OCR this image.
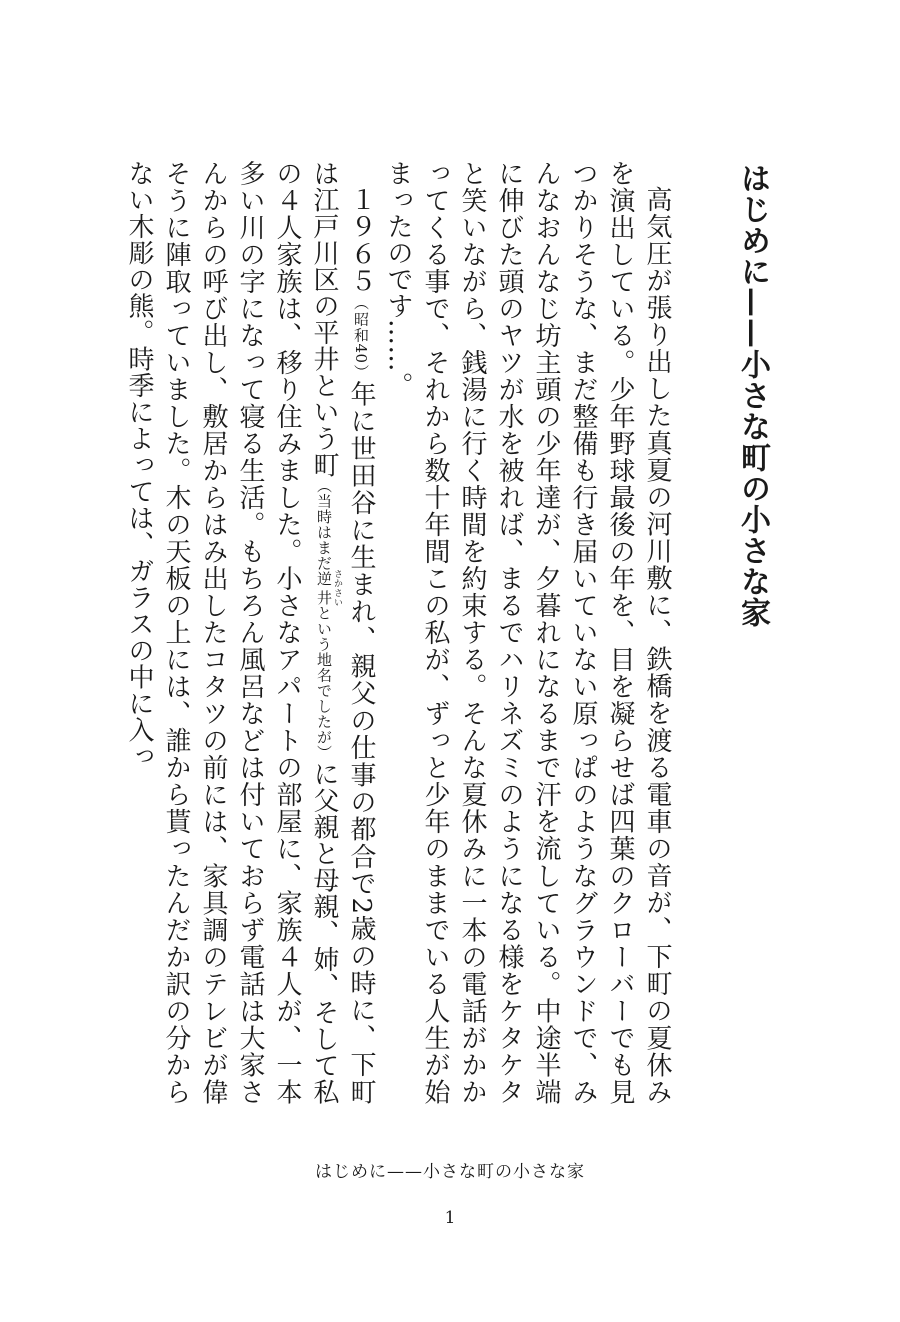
はじめに——小さな町の小さな家

高気圧が張り出した真夏の河川敷に、鉄橋を渡る電車の音が、下町の夏休みを演出している。少年野球最後の年を、目を凝らせば四葉のクローバーでも見つかりそうな、まだ整備も行き届いていない原っぱのようなグラウンドで、みんなおんなじ坊主頭の少年達が、夕暮れになるまで汗を流している。中途半端に伸びた頭のヤツが水を被れば、まるでハリネズミのようになる様をケタケタと笑いながら、銭湯に行く時間を約束する。そんな夏休みに一本の電話がかかってくる事で、それから数十年間この私が、ずっと少年のままでいる人生が始まったのです……。

１９６５（昭和40）年に世田谷に生まれ、親父の仕事の都合で2歳の時に、下町は江戸川区の平井という町（当時はまだ逆井 さかさいという地名でしたが）に父親と母親、姉、そして私の４人家族は、移り住みました。小さなアパートの部屋に、家族４人が、一本多い川の字になって寝る生活。もちろん風呂などは付いておらず電話は大家さんからの呼び出し、敷居からはみ出したコタツの前には、家具調のテレビが偉そうに陣取っていました。木の天板の上には、誰から貰ったんだか訳の分からない木彫の熊。時季によっては、ガラスの中に入っ

はじめに——小さな町の小さな家

1
